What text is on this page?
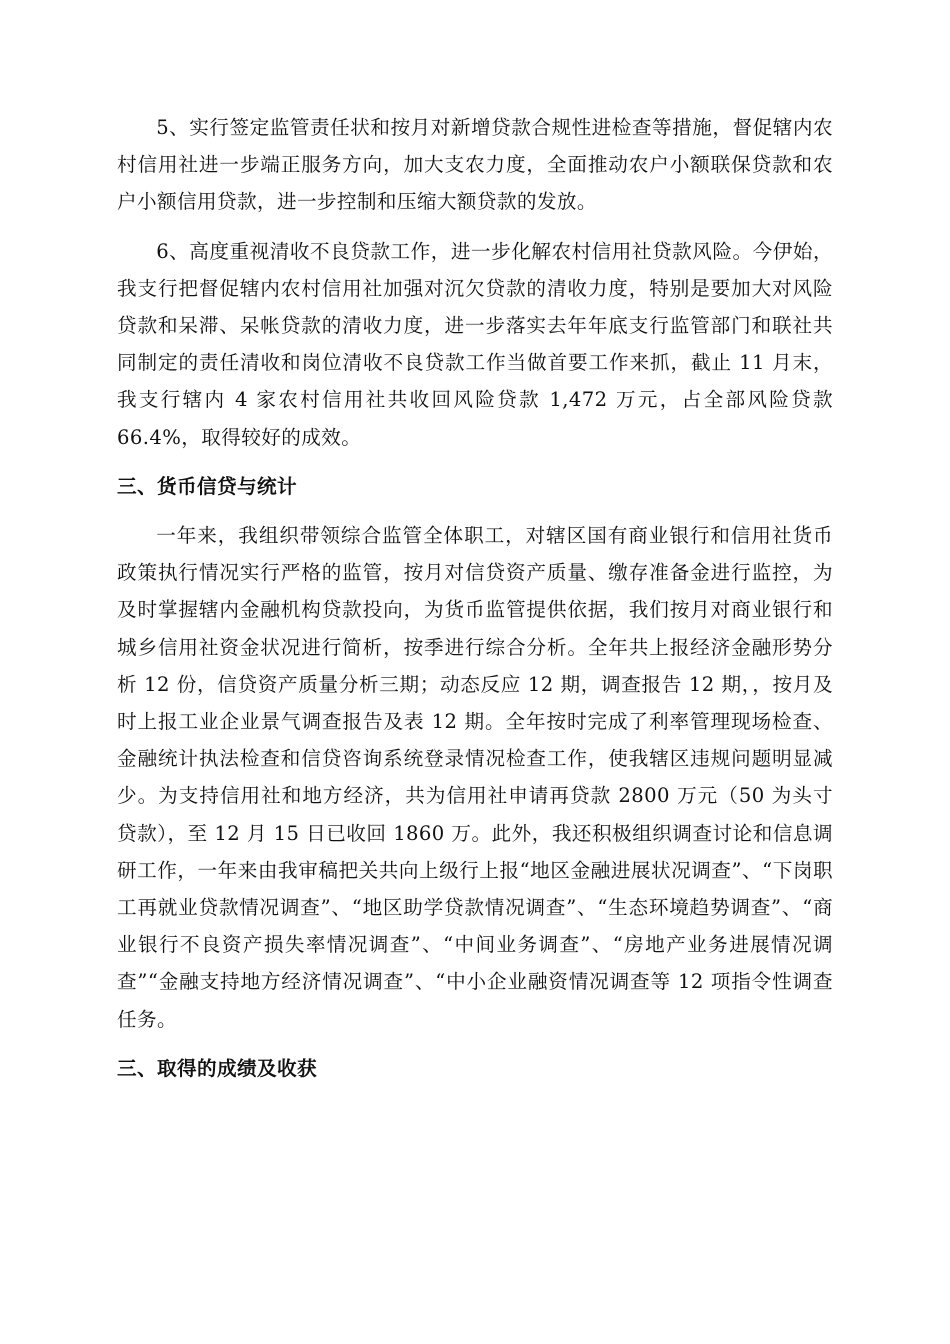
5、实行签定监管责任状和按月对新增贷款合规性进检查等措施，督促辖内农村信用社进一步端正服务方向，加大支农力度，全面推动农户小额联保贷款和农户小额信用贷款，进一步控制和压缩大额贷款的发放。

6、高度重视清收不良贷款工作，进一步化解农村信用社贷款风险。今伊始，我支行把督促辖内农村信用社加强对沉欠贷款的清收力度，特别是要加大对风险贷款和呆滞、呆帐贷款的清收力度，进一步落实去年年底支行监管部门和联社共同制定的责任清收和岗位清收不良贷款工作当做首要工作来抓，截止 11 月末，我支行辖内 4 家农村信用社共收回风险贷款 1,472 万元，占全部风险贷款 66.4%，取得较好的成效。

三、货币信贷与统计

一年来，我组织带领综合监管全体职工，对辖区国有商业银行和信用社货币政策执行情况实行严格的监管，按月对信贷资产质量、缴存准备金进行监控，为及时掌握辖内金融机构贷款投向，为货币监管提供依据，我们按月对商业银行和城乡信用社资金状况进行简析，按季进行综合分析。全年共上报经济金融形势分析 12 份，信贷资产质量分析三期；动态反应 12 期，调查报告 12 期，，按月及时上报工业企业景气调查报告及表 12 期。全年按时完成了利率管理现场检查、金融统计执法检查和信贷咨询系统登录情况检查工作，使我辖区违规问题明显减少。为支持信用社和地方经济，共为信用社申请再贷款 2800 万元（50 为头寸贷款），至 12 月 15 日已收回 1860 万。此外，我还积极组织调查讨论和信息调研工作，一年来由我审稿把关共向上级行上报“地区金融进展状况调查”、“下岗职工再就业贷款情况调查”、“地区助学贷款情况调查”、“生态环境趋势调查”、“商业银行不良资产损失率情况调查”、“中间业务调查”、“房地产业务进展情况调查”“金融支持地方经济情况调查”、“中小企业融资情况调查等 12 项指令性调查任务。

三、取得的成绩及收获
